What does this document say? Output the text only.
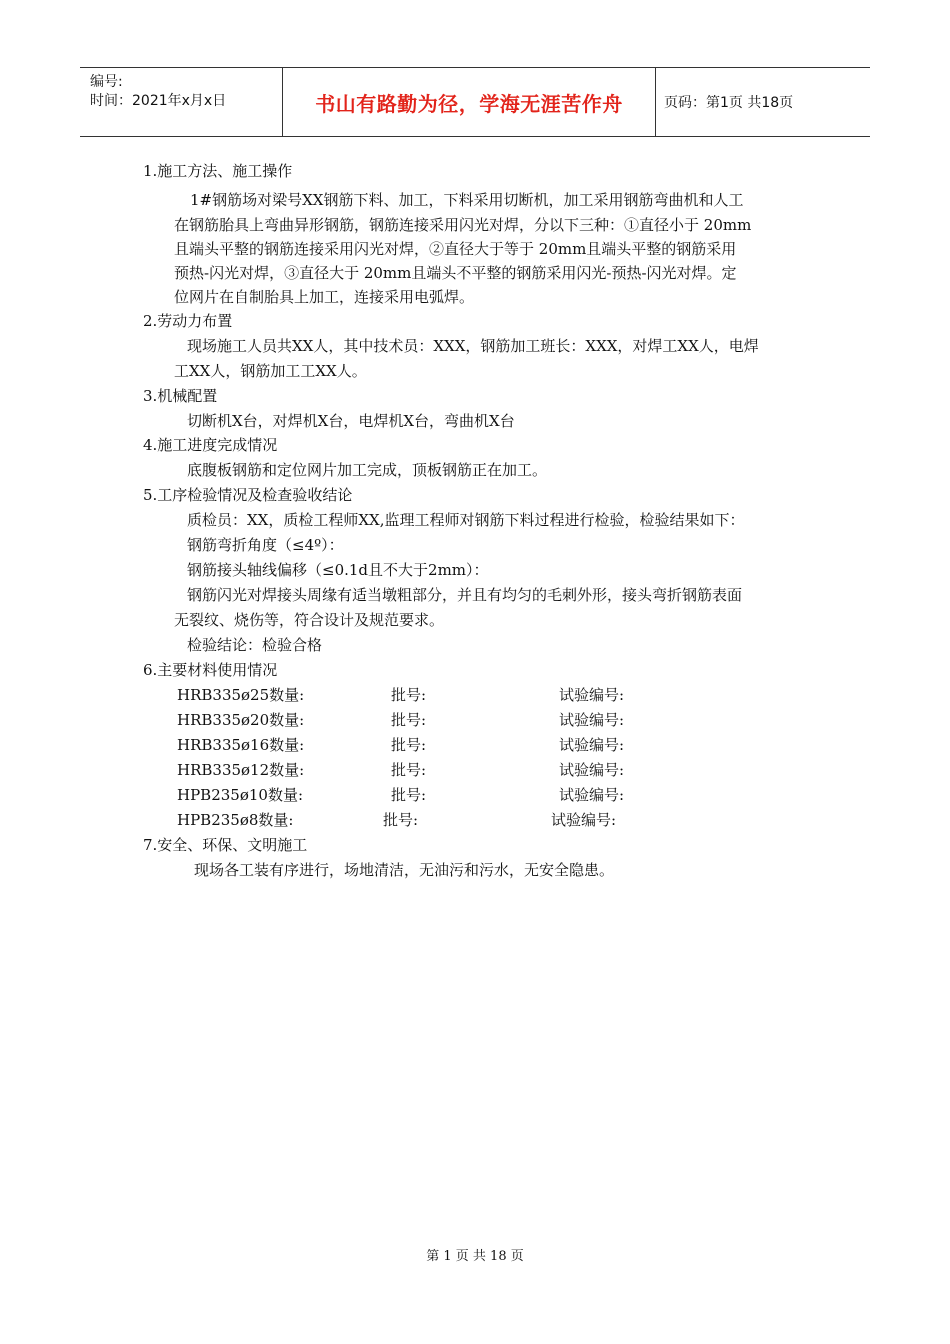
编号:
时间：2021年x月x日	书山有路勤为径，学海无涯苦作舟	页码：第1页 共18页
1.施工方法、施工操作
1#钢筋场对梁号XX钢筋下料、加工，下料采用切断机，加工采用钢筋弯曲机和人工
在钢筋胎具上弯曲异形钢筋，钢筋连接采用闪光对焊，分以下三种：①直径小于 20mm
且端头平整的钢筋连接采用闪光对焊，②直径大于等于 20mm且端头平整的钢筋采用
预热-闪光对焊，③直径大于 20mm且端头不平整的钢筋采用闪光-预热-闪光对焊。定
位网片在自制胎具上加工，连接采用电弧焊。
2.劳动力布置
现场施工人员共XX人，其中技术员：XXX，钢筋加工班长：XXX，对焊工XX人，电焊
工XX人，钢筋加工工XX人。
3.机械配置
切断机X台，对焊机X台，电焊机X台，弯曲机X台
4.施工进度完成情况
底腹板钢筋和定位网片加工完成，顶板钢筋正在加工。
5.工序检验情况及检查验收结论
质检员：XX，质检工程师XX,监理工程师对钢筋下料过程进行检验，检验结果如下：
钢筋弯折角度（≤4º）：
钢筋接头轴线偏移（≤0.1d且不大于2mm）：
钢筋闪光对焊接头周缘有适当墩粗部分，并且有均匀的毛刺外形，接头弯折钢筋表面
无裂纹、烧伤等，符合设计及规范要求。
检验结论：检验合格
6.主要材料使用情况
HRB335ø25数量:	批号:	试验编号:
HRB335ø20数量:	批号:	试验编号:
HRB335ø16数量:	批号:	试验编号:
HRB335ø12数量:	批号:	试验编号:
HPB235ø10数量:	批号:	试验编号:
HPB235ø8数量:	批号:	试验编号:
7.安全、环保、文明施工
现场各工装有序进行，场地清洁，无油污和污水，无安全隐患。
第 1 页 共 18 页
